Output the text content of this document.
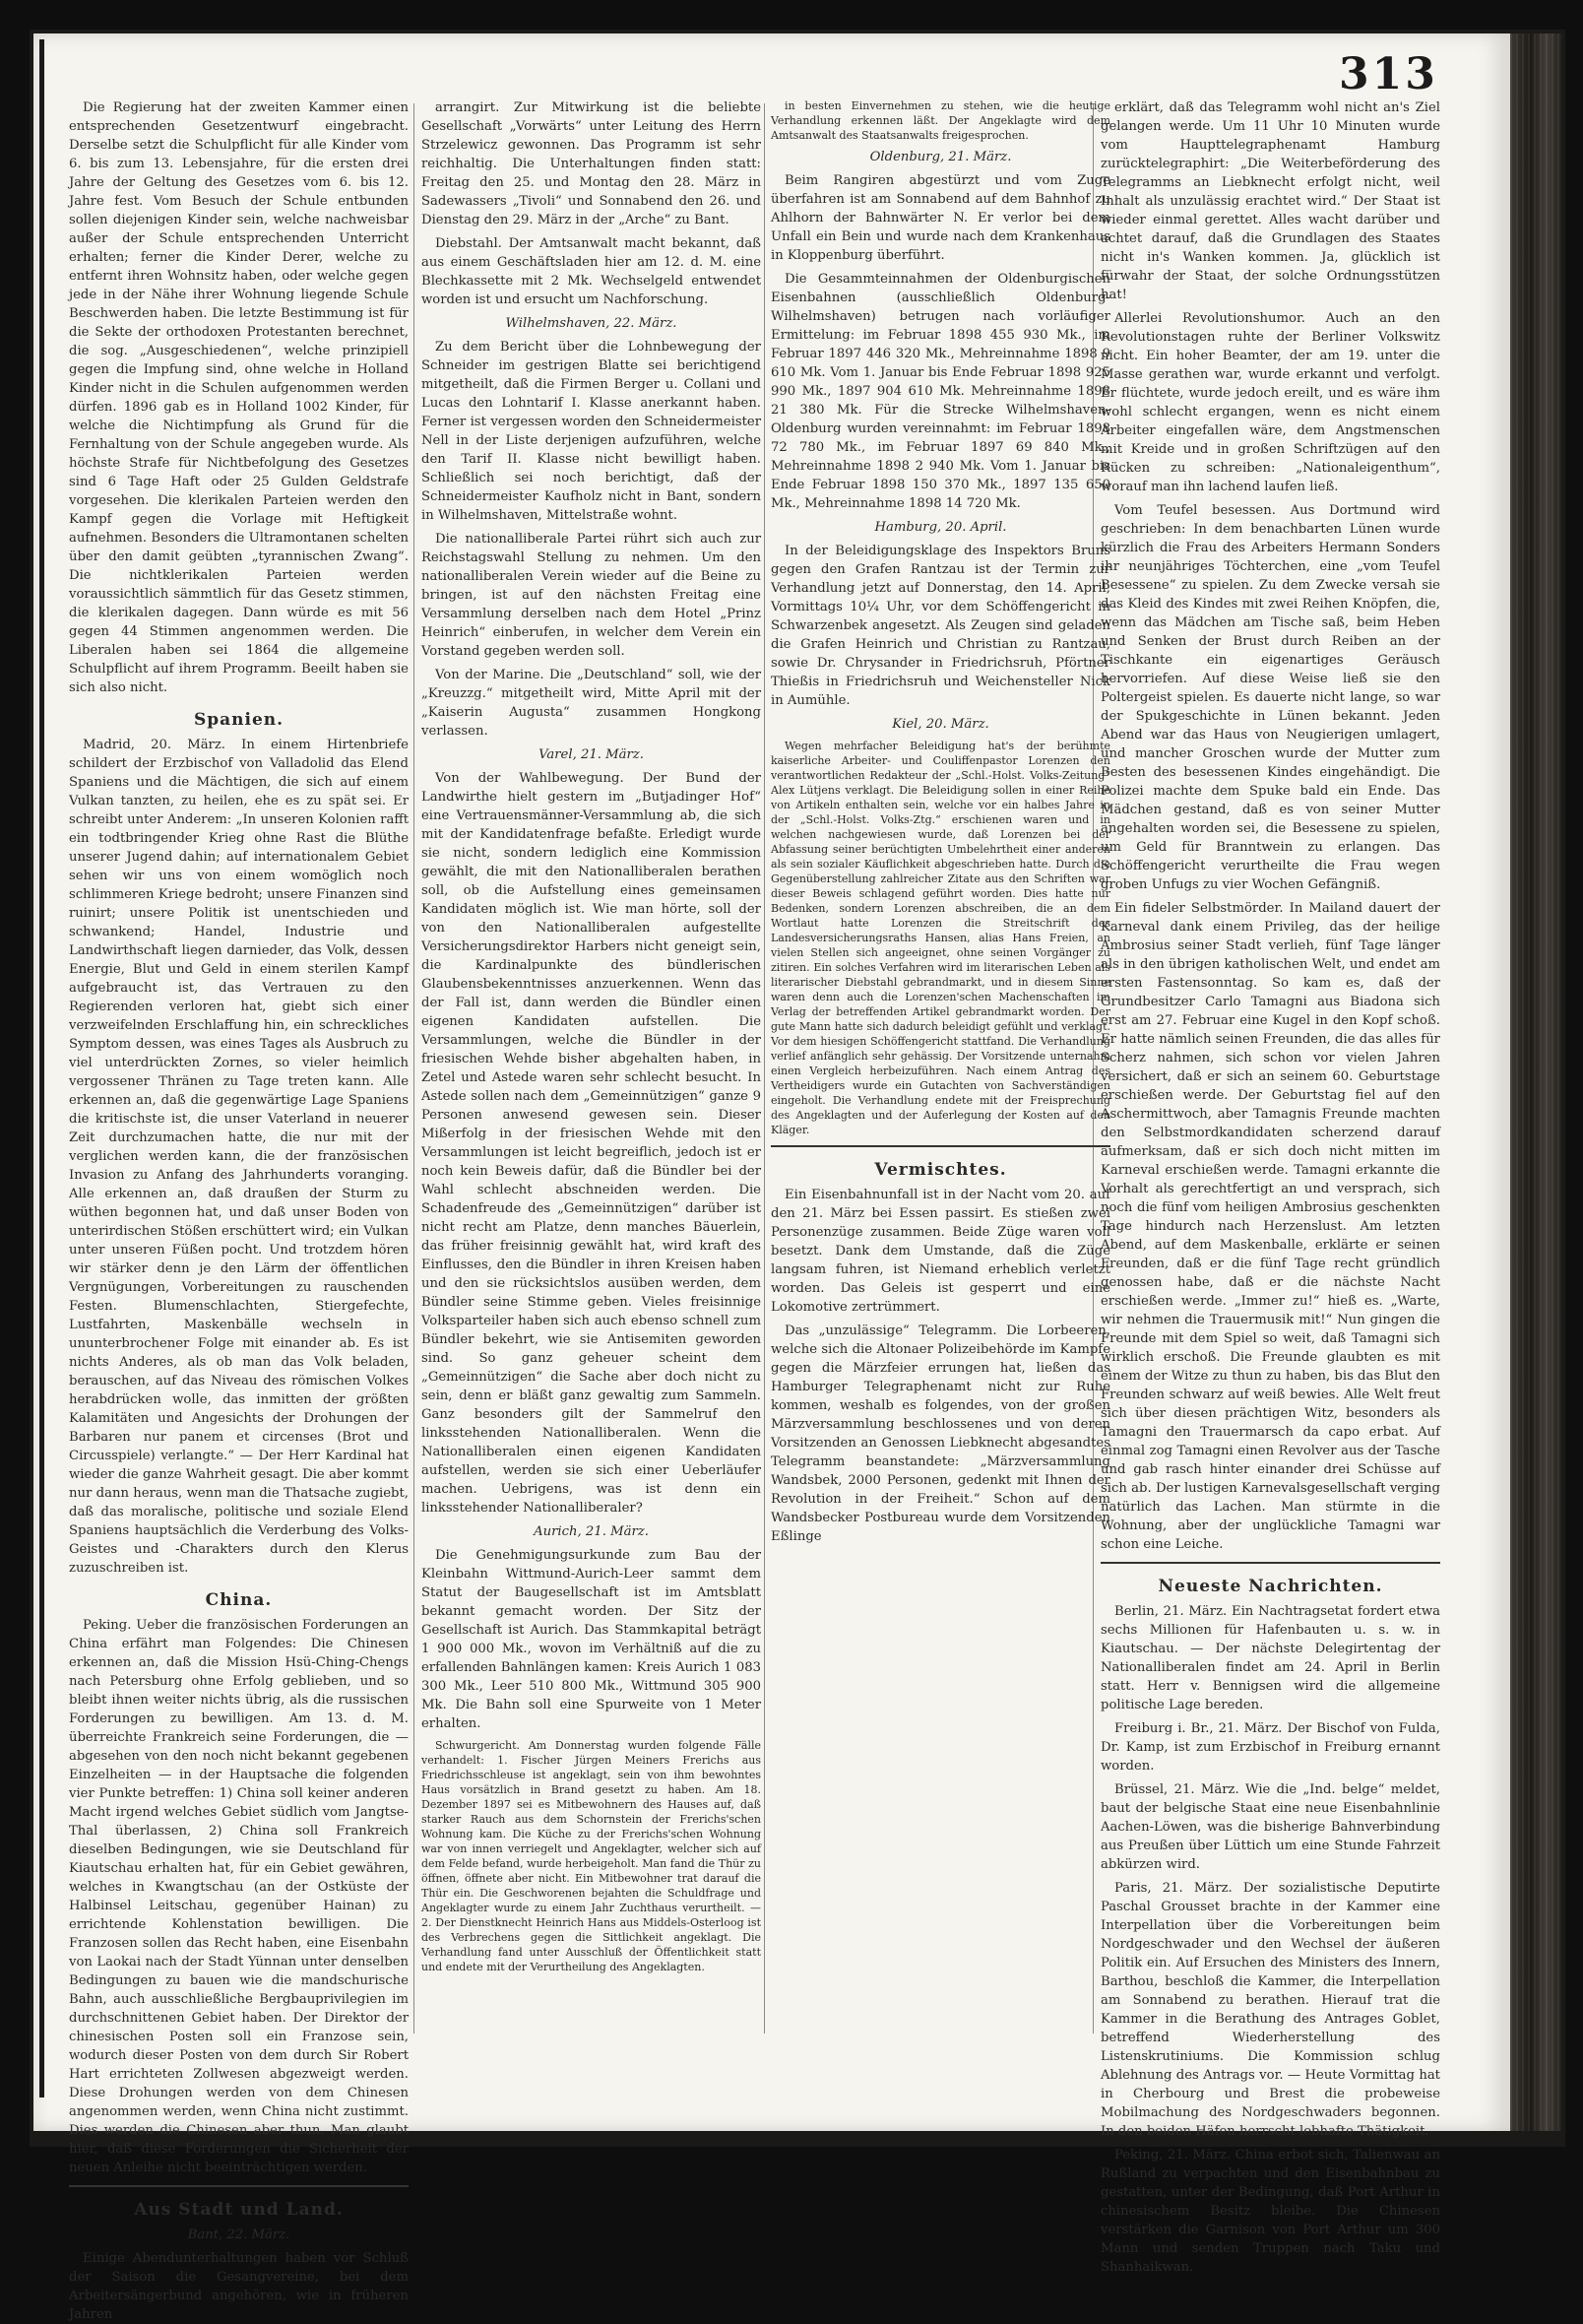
313

Die Regierung hat der zweiten Kammer einen entsprechenden Gesetzentwurf eingebracht. Derselbe setzt die Schulpflicht für alle Kinder vom 6. bis zum 13. Lebensjahre, für die ersten drei Jahre der Geltung des Gesetzes vom 6. bis 12. Jahre fest. Vom Besuch der Schule entbunden sollen diejenigen Kinder sein, welche nachweisbar außer der Schule entsprechenden Unterricht erhalten; ferner die Kinder Derer, welche zu entfernt ihren Wohnsitz haben, oder welche gegen jede in der Nähe ihrer Wohnung liegende Schule Beschwerden haben. Die letzte Bestimmung ist für die Sekte der orthodoxen Protestanten berechnet, die sog. „Ausgeschiedenen“, welche prinzipiell gegen die Impfung sind, ohne welche in Holland Kinder nicht in die Schulen aufgenommen werden dürfen. 1896 gab es in Holland 1002 Kinder, für welche die Nichtimpfung als Grund für die Fernhaltung von der Schule angegeben wurde. Als höchste Strafe für Nichtbefolgung des Gesetzes sind 6 Tage Haft oder 25 Gulden Geldstrafe vorgesehen. Die klerikalen Parteien werden den Kampf gegen die Vorlage mit Heftigkeit aufnehmen. Besonders die Ultramontanen schelten über den damit geübten „tyrannischen Zwang“. Die nichtklerikalen Parteien werden voraussichtlich sämmtlich für das Gesetz stimmen, die klerikalen dagegen. Dann würde es mit 56 gegen 44 Stimmen angenommen werden. Die Liberalen haben sei 1864 die allgemeine Schulpflicht auf ihrem Programm. Beeilt haben sie sich also nicht.

Spanien.

Madrid, 20. März. In einem Hirtenbriefe schildert der Erzbischof von Valladolid das Elend Spaniens und die Mächtigen, die sich auf einem Vulkan tanzten, zu heilen, ehe es zu spät sei. Er schreibt unter Anderem: „In unseren Kolonien rafft ein todtbringender Krieg ohne Rast die Blüthe unserer Jugend dahin; auf internationalem Gebiet sehen wir uns von einem womöglich noch schlimmeren Kriege bedroht; unsere Finanzen sind ruinirt; unsere Politik ist unentschieden und schwankend; Handel, Industrie und Landwirthschaft liegen darnieder, das Volk, dessen Energie, Blut und Geld in einem sterilen Kampf aufgebraucht ist, das Vertrauen zu den Regierenden verloren hat, giebt sich einer verzweifelnden Erschlaffung hin, ein schreckliches Symptom dessen, was eines Tages als Ausbruch zu viel unterdrückten Zornes, so vieler heimlich vergossener Thränen zu Tage treten kann. Alle erkennen an, daß die gegenwärtige Lage Spaniens die kritischste ist, die unser Vaterland in neuerer Zeit durchzumachen hatte, die nur mit der verglichen werden kann, die der französischen Invasion zu Anfang des Jahrhunderts voranging. Alle erkennen an, daß draußen der Sturm zu wüthen begonnen hat, und daß unser Boden von unterirdischen Stößen erschüttert wird; ein Vulkan unter unseren Füßen pocht. Und trotzdem hören wir stärker denn je den Lärm der öffentlichen Vergnügungen, Vorbereitungen zu rauschenden Festen. Blumenschlachten, Stiergefechte, Lustfahrten, Maskenbälle wechseln in ununterbrochener Folge mit einander ab. Es ist nichts Anderes, als ob man das Volk beladen, berauschen, auf das Niveau des römischen Volkes herabdrücken wolle, das inmitten der größten Kalamitäten und Angesichts der Drohungen der Barbaren nur panem et circenses (Brot und Circusspiele) verlangte.“ — Der Herr Kardinal hat wieder die ganze Wahrheit gesagt. Die aber kommt nur dann heraus, wenn man die Thatsache zugiebt, daß das moralische, politische und soziale Elend Spaniens hauptsächlich die Verderbung des Volks-Geistes und -Charakters durch den Klerus zuzuschreiben ist.

China.

Peking. Ueber die französischen Forderungen an China erfährt man Folgendes: Die Chinesen erkennen an, daß die Mission Hsü-Ching-Chengs nach Petersburg ohne Erfolg geblieben, und so bleibt ihnen weiter nichts übrig, als die russischen Forderungen zu bewilligen. Am 13. d. M. überreichte Frankreich seine Forderungen, die — abgesehen von den noch nicht bekannt gegebenen Einzelheiten — in der Hauptsache die folgenden vier Punkte betreffen: 1) China soll keiner anderen Macht irgend welches Gebiet südlich vom Jangtse-Thal überlassen, 2) China soll Frankreich dieselben Bedingungen, wie sie Deutschland für Kiautschau erhalten hat, für ein Gebiet gewähren, welches in Kwangtschau (an der Ostküste der Halbinsel Leitschau, gegenüber Hainan) zu errichtende Kohlenstation bewilligen. Die Franzosen sollen das Recht haben, eine Eisenbahn von Laokai nach der Stadt Yünnan unter denselben Bedingungen zu bauen wie die mandschurische Bahn, auch ausschließliche Bergbauprivilegien im durchschnittenen Gebiet haben. Der Direktor der chinesischen Posten soll ein Franzose sein, wodurch dieser Posten von dem durch Sir Robert Hart errichteten Zollwesen abgezweigt werden. Diese Drohungen werden von dem Chinesen angenommen werden, wenn China nicht zustimmt. Dies werden die Chinesen aber thun. Man glaubt hier, daß diese Forderungen die Sicherheit der neuen Anleihe nicht beeinträchtigen werden.

Aus Stadt und Land.

Bant, 22. März.

Einige Abendunterhaltungen haben vor Schluß der Saison die Gesangvereine, bei dem Arbeitersängerbund angehören, wie in früheren Jahren

arrangirt. Zur Mitwirkung ist die beliebte Gesellschaft „Vorwärts“ unter Leitung des Herrn Strzelewicz gewonnen. Das Programm ist sehr reichhaltig. Die Unterhaltungen finden statt: Freitag den 25. und Montag den 28. März in Sadewassers „Tivoli“ und Sonnabend den 26. und Dienstag den 29. März in der „Arche“ zu Bant.

Diebstahl. Der Amtsanwalt macht bekannt, daß aus einem Geschäftsladen hier am 12. d. M. eine Blechkassette mit 2 Mk. Wechselgeld entwendet worden ist und ersucht um Nachforschung.

Wilhelmshaven, 22. März.

Zu dem Bericht über die Lohnbewegung der Schneider im gestrigen Blatte sei berichtigend mitgetheilt, daß die Firmen Berger u. Collani und Lucas den Lohntarif I. Klasse anerkannt haben. Ferner ist vergessen worden den Schneidermeister Nell in der Liste derjenigen aufzuführen, welche den Tarif II. Klasse nicht bewilligt haben. Schließlich sei noch berichtigt, daß der Schneidermeister Kaufholz nicht in Bant, sondern in Wilhelmshaven, Mittelstraße wohnt.

Die nationalliberale Partei rührt sich auch zur Reichstagswahl Stellung zu nehmen. Um den nationalliberalen Verein wieder auf die Beine zu bringen, ist auf den nächsten Freitag eine Versammlung derselben nach dem Hotel „Prinz Heinrich“ einberufen, in welcher dem Verein ein Vorstand gegeben werden soll.

Von der Marine. Die „Deutschland“ soll, wie der „Kreuzzg.“ mitgetheilt wird, Mitte April mit der „Kaiserin Augusta“ zusammen Hongkong verlassen.

Varel, 21. März.

Von der Wahlbewegung. Der Bund der Landwirthe hielt gestern im „Butjadinger Hof“ eine Vertrauensmänner-Versammlung ab, die sich mit der Kandidatenfrage befaßte. Erledigt wurde sie nicht, sondern lediglich eine Kommission gewählt, die mit den Nationalliberalen berathen soll, ob die Aufstellung eines gemeinsamen Kandidaten möglich ist. Wie man hörte, soll der von den Nationalliberalen aufgestellte Versicherungsdirektor Harbers nicht geneigt sein, die Kardinalpunkte des bündlerischen Glaubensbekenntnisses anzuerkennen. Wenn das der Fall ist, dann werden die Bündler einen eigenen Kandidaten aufstellen. Die Versammlungen, welche die Bündler in der friesischen Wehde bisher abgehalten haben, in Zetel und Astede waren sehr schlecht besucht. In Astede sollen nach dem „Gemeinnützigen“ ganze 9 Personen anwesend gewesen sein. Dieser Mißerfolg in der friesischen Wehde mit den Versammlungen ist leicht begreiflich, jedoch ist er noch kein Beweis dafür, daß die Bündler bei der Wahl schlecht abschneiden werden. Die Schadenfreude des „Gemeinnützigen“ darüber ist nicht recht am Platze, denn manches Bäuerlein, das früher freisinnig gewählt hat, wird kraft des Einflusses, den die Bündler in ihren Kreisen haben und den sie rücksichtslos ausüben werden, dem Bündler seine Stimme geben. Vieles freisinnige Volksparteiler haben sich auch ebenso schnell zum Bündler bekehrt, wie sie Antisemiten geworden sind. So ganz geheuer scheint dem „Gemeinnützigen“ die Sache aber doch nicht zu sein, denn er bläßt ganz gewaltig zum Sammeln. Ganz besonders gilt der Sammelruf den linksstehenden Nationalliberalen. Wenn die Nationalliberalen einen eigenen Kandidaten aufstellen, werden sie sich einer Ueberläufer machen. Uebrigens, was ist denn ein linksstehender Nationalliberaler?

Aurich, 21. März.

Die Genehmigungsurkunde zum Bau der Kleinbahn Wittmund-Aurich-Leer sammt dem Statut der Baugesellschaft ist im Amtsblatt bekannt gemacht worden. Der Sitz der Gesellschaft ist Aurich. Das Stammkapital beträgt 1 900 000 Mk., wovon im Verhältniß auf die zu erfallenden Bahnlängen kamen: Kreis Aurich 1 083 300 Mk., Leer 510 800 Mk., Wittmund 305 900 Mk. Die Bahn soll eine Spurweite von 1 Meter erhalten.

Schwurgericht. Am Donnerstag wurden folgende Fälle verhandelt: 1. Fischer Jürgen Meiners Frerichs aus Friedrichsschleuse ist angeklagt, sein von ihm bewohntes Haus vorsätzlich in Brand gesetzt zu haben. Am 18. Dezember 1897 sei es Mitbewohnern des Hauses auf, daß starker Rauch aus dem Schornstein der Frerichs'schen Wohnung kam. Die Küche zu der Frerichs'schen Wohnung war von innen verriegelt und Angeklagter, welcher sich auf dem Felde befand, wurde herbeigeholt. Man fand die Thür zu öffnen, öffnete aber nicht. Ein Mitbewohner trat darauf die Thür ein. Die Geschworenen bejahten die Schuldfrage und Angeklagter wurde zu einem Jahr Zuchthaus verurtheilt. — 2. Der Dienstknecht Heinrich Hans aus Middels-Osterloog ist des Verbrechens gegen die Sittlichkeit angeklagt. Die Verhandlung fand unter Ausschluß der Öffentlichkeit statt und endete mit der Verurtheilung des Angeklagten.

in besten Einvernehmen zu stehen, wie die heutige Verhandlung erkennen läßt. Der Angeklagte wird dem Amtsanwalt des Staatsanwalts freigesprochen.

Oldenburg, 21. März.

Beim Rangiren abgestürzt und vom Zuge überfahren ist am Sonnabend auf dem Bahnhof zu Ahlhorn der Bahnwärter N. Er verlor bei dem Unfall ein Bein und wurde nach dem Krankenhaus in Kloppenburg überführt.

Die Gesammteinnahmen der Oldenburgischen Eisenbahnen (ausschließlich Oldenburg-Wilhelmshaven) betrugen nach vorläufiger Ermittelung: im Februar 1898 455 930 Mk., im Februar 1897 446 320 Mk., Mehreinnahme 1898 9 610 Mk. Vom 1. Januar bis Ende Februar 1898 925 990 Mk., 1897 904 610 Mk. Mehreinnahme 1898 21 380 Mk. Für die Strecke Wilhelmshaven-Oldenburg wurden vereinnahmt: im Februar 1898 72 780 Mk., im Februar 1897 69 840 Mk., Mehreinnahme 1898 2 940 Mk. Vom 1. Januar bis Ende Februar 1898 150 370 Mk., 1897 135 650 Mk., Mehreinnahme 1898 14 720 Mk.

Hamburg, 20. April.

In der Beleidigungsklage des Inspektors Bruns gegen den Grafen Rantzau ist der Termin zur Verhandlung jetzt auf Donnerstag, den 14. April, Vormittags 10¼ Uhr, vor dem Schöffengericht in Schwarzenbek angesetzt. Als Zeugen sind geladen die Grafen Heinrich und Christian zu Rantzau, sowie Dr. Chrysander in Friedrichsruh, Pförtner Thießis in Friedrichsruh und Weichensteller Nick in Aumühle.

Kiel, 20. März.

Wegen mehrfacher Beleidigung hat's der berühmte kaiserliche Arbeiter- und Couliffenpastor Lorenzen den verantwortlichen Redakteur der „Schl.-Holst. Volks-Zeitung“ Alex Lütjens verklagt. Die Beleidigung sollen in einer Reihe von Artikeln enthalten sein, welche vor ein halbes Jahre in der „Schl.-Holst. Volks-Ztg.“ erschienen waren und in welchen nachgewiesen wurde, daß Lorenzen bei der Abfassung seiner berüchtigten Umbelehrtheit einer anderen als sein sozialer Käuflichkeit abgeschrieben hatte. Durch die Gegenüberstellung zahlreicher Zitate aus den Schriften war dieser Beweis schlagend geführt worden. Dies hatte nur Bedenken, sondern Lorenzen abschreiben, die an dem Wortlaut hatte Lorenzen die Streitschrift des Landesversicherungsraths Hansen, alias Hans Freien, an vielen Stellen sich angeeignet, ohne seinen Vorgänger zu zitiren. Ein solches Verfahren wird im literarischen Leben als literarischer Diebstahl gebrandmarkt, und in diesem Sinne waren denn auch die Lorenzen'schen Machenschaften im Verlag der betreffenden Artikel gebrandmarkt worden. Der gute Mann hatte sich dadurch beleidigt gefühlt und verklagt. Vor dem hiesigen Schöffengericht stattfand. Die Verhandlung verlief anfänglich sehr gehässig. Der Vorsitzende unternahm einen Vergleich herbeizuführen. Nach einem Antrag des Vertheidigers wurde ein Gutachten von Sachverständigen eingeholt. Die Verhandlung endete mit der Freisprechung des Angeklagten und der Auferlegung der Kosten auf den Kläger.

Vermischtes.

Ein Eisenbahnunfall ist in der Nacht vom 20. auf den 21. März bei Essen passirt. Es stießen zwei Personenzüge zusammen. Beide Züge waren voll besetzt. Dank dem Umstande, daß die Züge langsam fuhren, ist Niemand erheblich verletzt worden. Das Geleis ist gesperrt und eine Lokomotive zertrümmert.

Das „unzulässige“ Telegramm. Die Lorbeeren, welche sich die Altonaer Polizeibehörde im Kampfe gegen die Märzfeier errungen hat, ließen das Hamburger Telegraphenamt nicht zur Ruhe kommen, weshalb es folgendes, von der großen Märzversammlung beschlossenes und von deren Vorsitzenden an Genossen Liebknecht abgesandtes Telegramm beanstandete: „Märzversammlung Wandsbek, 2000 Personen, gedenkt mit Ihnen der Revolution in der Freiheit.“ Schon auf dem Wandsbecker Postbureau wurde dem Vorsitzenden Eßlinge

erklärt, daß das Telegramm wohl nicht an's Ziel gelangen werde. Um 11 Uhr 10 Minuten wurde vom Haupttelegraphenamt Hamburg zurücktelegraphirt: „Die Weiterbeförderung des Telegramms an Liebknecht erfolgt nicht, weil Inhalt als unzulässig erachtet wird.“ Der Staat ist wieder einmal gerettet. Alles wacht darüber und achtet darauf, daß die Grundlagen des Staates nicht in's Wanken kommen. Ja, glücklich ist fürwahr der Staat, der solche Ordnungsstützen hat!

Allerlei Revolutionshumor. Auch an den Revolutionstagen ruhte der Berliner Volkswitz nicht. Ein hoher Beamter, der am 19. unter die Masse gerathen war, wurde erkannt und verfolgt. Er flüchtete, wurde jedoch ereilt, und es wäre ihm wohl schlecht ergangen, wenn es nicht einem Arbeiter eingefallen wäre, dem Angstmenschen mit Kreide und in großen Schriftzügen auf den Rücken zu schreiben: „Nationaleigenthum“, worauf man ihn lachend laufen ließ.

Vom Teufel besessen. Aus Dortmund wird geschrieben: In dem benachbarten Lünen wurde kürzlich die Frau des Arbeiters Hermann Sonders ihr neunjähriges Töchterchen, eine „vom Teufel Besessene“ zu spielen. Zu dem Zwecke versah sie das Kleid des Kindes mit zwei Reihen Knöpfen, die, wenn das Mädchen am Tische saß, beim Heben und Senken der Brust durch Reiben an der Tischkante ein eigenartiges Geräusch hervorriefen. Auf diese Weise ließ sie den Poltergeist spielen. Es dauerte nicht lange, so war der Spukgeschichte in Lünen bekannt. Jeden Abend war das Haus von Neugierigen umlagert, und mancher Groschen wurde der Mutter zum Besten des besessenen Kindes eingehändigt. Die Polizei machte dem Spuke bald ein Ende. Das Mädchen gestand, daß es von seiner Mutter angehalten worden sei, die Besessene zu spielen, um Geld für Branntwein zu erlangen. Das Schöffengericht verurtheilte die Frau wegen groben Unfugs zu vier Wochen Gefängniß.

Ein fideler Selbstmörder. In Mailand dauert der Karneval dank einem Privileg, das der heilige Ambrosius seiner Stadt verlieh, fünf Tage länger als in den übrigen katholischen Welt, und endet am ersten Fastensonntag. So kam es, daß der Grundbesitzer Carlo Tamagni aus Biadona sich erst am 27. Februar eine Kugel in den Kopf schoß. Er hatte nämlich seinen Freunden, die das alles für Scherz nahmen, sich schon vor vielen Jahren versichert, daß er sich an seinem 60. Geburtstage erschießen werde. Der Geburtstag fiel auf den Aschermittwoch, aber Tamagnis Freunde machten den Selbstmordkandidaten scherzend darauf aufmerksam, daß er sich doch nicht mitten im Karneval erschießen werde. Tamagni erkannte die Vorhalt als gerechtfertigt an und versprach, sich noch die fünf vom heiligen Ambrosius geschenkten Tage hindurch nach Herzenslust. Am letzten Abend, auf dem Maskenballe, erklärte er seinen Freunden, daß er die fünf Tage recht gründlich genossen habe, daß er die nächste Nacht erschießen werde. „Immer zu!“ hieß es. „Warte, wir nehmen die Trauermusik mit!“ Nun gingen die Freunde mit dem Spiel so weit, daß Tamagni sich wirklich erschoß. Die Freunde glaubten es mit einem der Witze zu thun zu haben, bis das Blut den Freunden schwarz auf weiß bewies. Alle Welt freut sich über diesen prächtigen Witz, besonders als Tamagni den Trauermarsch da capo erbat. Auf einmal zog Tamagni einen Revolver aus der Tasche und gab rasch hinter einander drei Schüsse auf sich ab. Der lustigen Karnevalsgesellschaft verging natürlich das Lachen. Man stürmte in die Wohnung, aber der unglückliche Tamagni war schon eine Leiche.

Neueste Nachrichten.

Berlin, 21. März. Ein Nachtragsetat fordert etwa sechs Millionen für Hafenbauten u. s. w. in Kiautschau. — Der nächste Delegirtentag der Nationalliberalen findet am 24. April in Berlin statt. Herr v. Bennigsen wird die allgemeine politische Lage bereden.

Freiburg i. Br., 21. März. Der Bischof von Fulda, Dr. Kamp, ist zum Erzbischof in Freiburg ernannt worden.

Brüssel, 21. März. Wie die „Ind. belge“ meldet, baut der belgische Staat eine neue Eisenbahnlinie Aachen-Löwen, was die bisherige Bahnverbindung aus Preußen über Lüttich um eine Stunde Fahrzeit abkürzen wird.

Paris, 21. März. Der sozialistische Deputirte Paschal Grousset brachte in der Kammer eine Interpellation über die Vorbereitungen beim Nordgeschwader und den Wechsel der äußeren Politik ein. Auf Ersuchen des Ministers des Innern, Barthou, beschloß die Kammer, die Interpellation am Sonnabend zu berathen. Hierauf trat die Kammer in die Berathung des Antrages Goblet, betreffend Wiederherstellung des Listenskrutiniums. Die Kommission schlug Ablehnung des Antrags vor. — Heute Vormittag hat in Cherbourg und Brest die probeweise Mobilmachung des Nordgeschwaders begonnen. In den beiden Häfen herrscht lebhafte Thätigkeit.

Peking, 21. März. China erbot sich, Talienwau an Rußland zu verpachten und den Eisenbahnbau zu gestatten, unter der Bedingung, daß Port Arthur in chinesischem Besitz bleibe. Die Chinesen verstärken die Garnison von Port Arthur um 300 Mann und senden Truppen nach Taku und Shanhaikwan.
